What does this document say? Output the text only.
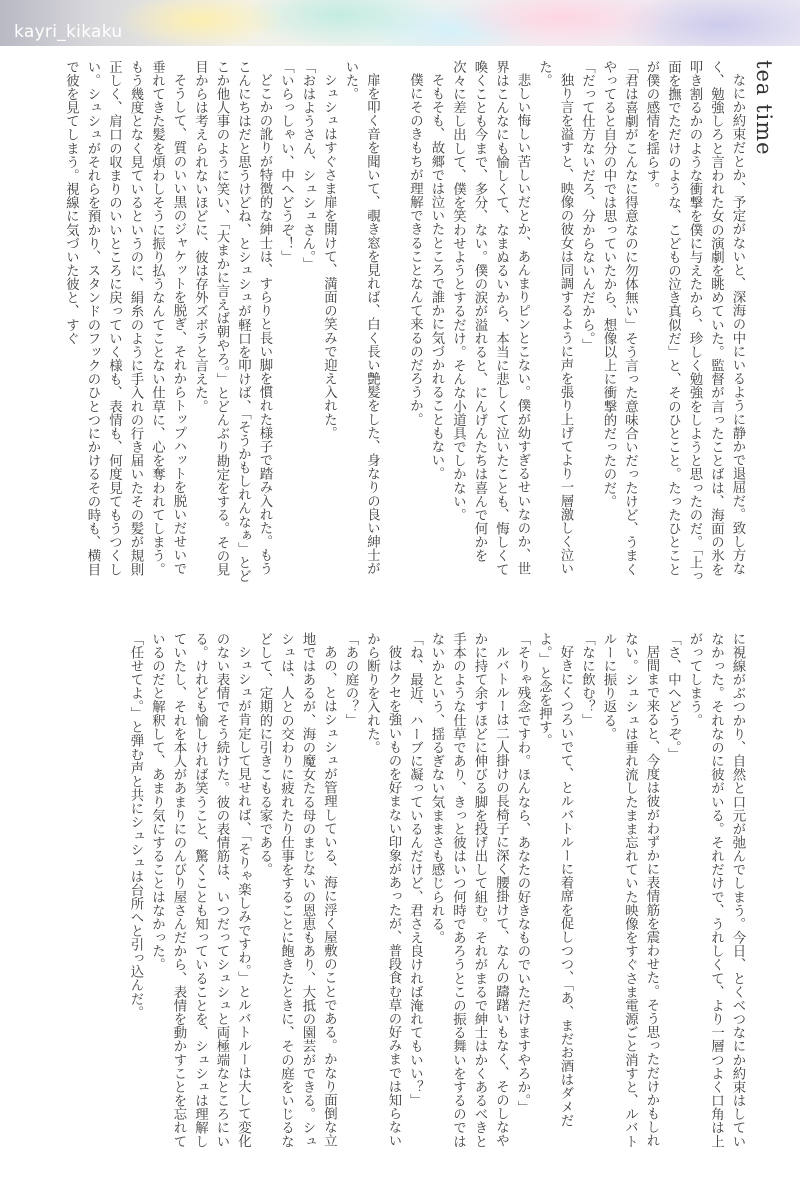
kayri_kikaku
tea time

なにか約束だとか、予定がないと、深海の中にいるように静かで退屈だ。致し方なく、勉強しろと言われた女の演劇を眺めていた。監督が言ったことばは、海面の氷を叩き割るかのような衝撃を僕に与えたから、珍しく勉強をしようと思ったのだ。「上っ面を撫でただけのような、こどもの泣き真似だ」と、そのひとこと。たったひとことが僕の感情を揺らす。

「君は喜劇がこんなに得意なのに勿体無い」そう言った意味合いだったけど、うまくやってると自分の中では思っていたから、想像以上に衝撃的だったのだ。

「だって仕方ないだろ、分からないんだから。」

独り言を溢すと、映像の彼女は同調するように声を張り上げてより一層激しく泣いた。

悲しい悔しい苦しいだとか、あんまりピンとこない。僕が幼すぎるせいなのか、世界はこんなにも愉しくて、なまぬるいから、本当に悲しくて泣いたことも、悔しくて喚くことも今まで、多分、ない。僕の涙が溢れると、にんげんたちは喜んで何かを次々に差し出して、僕を笑わせようとするだけ。そんな小道具でしかない。

そもそも、故郷では泣いたところで誰かに気づかれることもない。

僕にそのきもちが理解できることなんて来るのだろうか。

扉を叩く音を聞いて、覗き窓を見れば、白く長い艶髪をした、身なりの良い紳士がいた。

シュシュはすぐさま扉を開けて、満面の笑みで迎え入れた。

「おはようさん、シュシュさん。」

「いらっしゃい、中へどうぞ！」

どこかの訛りが特徴的な紳士は、すらりと長い脚を慣れた様子で踏み入れた。もうこんにちはだと思うけどね、とシュシュが軽口を叩けば、「そうかもしれんなぁ」とどこか他人事のように笑い、「大まかに言えば朝やろ。」とどんぶり勘定をする。その見目からは考えられないほどに、彼は存外ズボラと言えた。

そうして、質のいい黒のジャケットを脱ぎ、それからトップハットを脱いだせいで垂れてきた髪を煩わしそうに振り払うなんてことない仕草に、心を奪われてしまう。もう幾度となく見ているというのに、絹糸のように手入れの行き届いたその髪が規則正しく、肩口の収まりのいいところに戻っていく様も、表情も、何度見てもうつくしい。シュシュがそれらを預かり、スタンドのフックのひとつにかけるその時も、横目で彼を見てしまう。視線に気づいた彼と、すぐ

に視線がぶつかり、自然と口元が弛んでしまう。今日、とくべつなにか約束はしていなかった。それなのに彼がいる。それだけで、うれしくて、より一層つよく口角は上がってしまう。

「さ、中へどうぞ。」

居間まで来ると、今度は彼がわずかに表情筋を震わせた。そう思っただけかもしれない。シュシュは垂れ流したまま忘れていた映像をすぐさま電源ごと消すと、ルバトルーに振り返る。

「なに飲む？」

好きにくつろいでて、とルバトルーに着席を促しつつ、「あ、まだお酒はダメだよ。」と念を押す。

「そりゃ残念ですわ。ほんなら、あなたの好きなものでいただけますやろか。」

ルバトルーは二人掛けの長椅子に深く腰掛けて、なんの躊躇いもなく、そのしなやかに持て余すほどに伸びる脚を投げ出して組む。それがまるで紳士はかくあるべきと手本のような仕草であり、きっと彼はいつ何時であろうとこの振る舞いをするのではないかという、揺るぎない気ままさも感じられる。

「ね、最近、ハーブに凝っているんだけど、君さえ良ければ淹れてもいい？」

彼はクセを強いものを好まない印象があったが、普段食む草の好みまでは知らないから断りを入れた。

「あの庭の？」

あの、とはシュシュが管理している、海に浮く屋敷のことである。かなり面倒な立地ではあるが、海の魔女たる母のまじないの恩恵もあり、大抵の園芸ができる。シュシュは、人との交わりに疲れたり仕事をすることに飽きたときに、その庭をいじるなどして、定期的に引きこもる家である。

シュシュが肯定して見せれば、「そりゃ楽しみですわ。」とルバトルーは大して変化のない表情でそう続けた。彼の表情筋は、いつだってシュシュと両極端なところにいる。けれども愉しければ笑うこと、驚くことも知っていることを、シュシュは理解していたし、それを本人があまりにのんびり屋さんだから、表情を動かすことを忘れているのだと解釈して、あまり気にすることはなかった。

「任せてよ。」と弾む声と共にシュシュは台所へと引っ込んだ。
